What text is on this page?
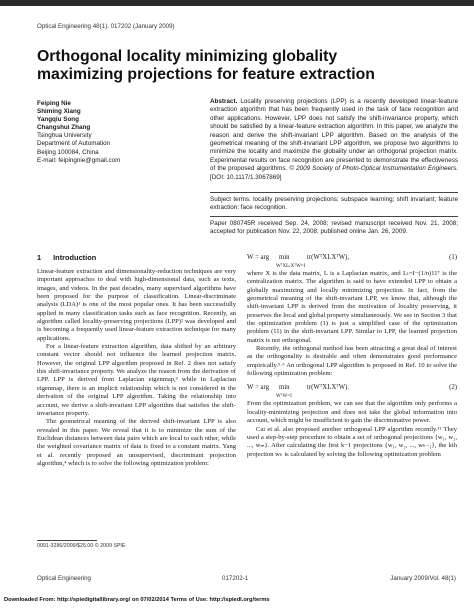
Optical Engineering 48(1), 017202 (January 2009)
Orthogonal locality minimizing globality
maximizing projections for feature extraction
Feiping Nie
Shiming Xiang
Yangqiu Song
Changshui Zhang
Tsinghua University
Department of Automation
Beijing 100084, China
E-mail: feipingnie@gmail.com
Abstract. Locality preserving projections (LPP) is a recently developed linear-feature extraction algorithm that has been frequently used in the task of face recognition and other applications. However, LPP does not satisfy the shift-invariance property, which should be satisfied by a linear-feature extraction algorithm. In this paper, we analyze the reason and derive the shift-invariant LPP algorithm. Based on the analysis of the geometrical meaning of the shift-invariant LPP algorithm, we propose two algorithms to minimize the locality and maximize the globality under an orthogonal projection matrix. Experimental results on face recognition are presented to demonstrate the effectiveness of the proposed algorithms. © 2009 Society of Photo-Optical Instrumentation Engineers. [DOI: 10.1117/1.3067869]
Subject terms: locality preserving projections; subspace learning; shift invariant; feature extraction; face recognition.
Paper 080745R received Sep. 24, 2008; revised manuscript received Nov. 21, 2008; accepted for publication Nov. 22, 2008; published online Jan. 26, 2009.
1 Introduction

Linear-feature extraction and dimensionality-reduction techniques are very important approaches to deal with high-dimensional data, such as texts, images, and videos. In the past decades, many supervised algorithms have been proposed for the purpose of classification. Linear-discriminate analysis (LDA)¹ is one of the most popular ones. It has been successfully applied in many classification tasks such as face recognition. Recently, an algorithm called locality-preserving projections (LPP)² was developed and is becoming a frequently used linear-feature extraction technique for many applications.

For a linear-feature extraction algorithm, data shifted by an arbitrary constant vector should not influence the learned projection matrix. However, the original LPP algorithm proposed in Ref. 2 does not satisfy this shift-invariance property. We analyze the reason from the derivation of LPP. LPP is derived from Laplacian eigenmap,³ while in Laplacian eigenmap, there is an implicit relationship which is not considered in the derivation of the original LPP algorithm. Taking the relationship into account, we derive a shift-invariant LPP algorithm that satisfies the shift-invariance property.

The geometrical meaning of the derived shift-invariant LPP is also revealed in this paper. We reveal that it is to minimize the sum of the Euclidean distances between data pairs which are local to each other, while the weighted covariance matrix of data is fixed to a constant matrix. Yang et al. recently proposed an unsupervised, discriminant projection algorithm,⁴ which is to solve the following optimization problem:

W = arg min
WᵀXLₜXᵀW=I
tr(WᵀXLXᵀW),	(1)

where X is the data matrix, L is a Laplacian matrix, and Lₜ=I−(1/n)11ᵀ is the centralization matrix. The algorithm is said to have extended LPP to obtain a globally maximizing and locally minimizing projection. In fact, from the geometrical meaning of the shift-invariant LPP, we know that, although the shift-invariant LPP is derived from the motivation of locality preserving, it preserves the local and global property simultaneously. We see in Section 3 that the optimization problem (1) is just a simplified case of the optimization problem (11) in the shift-invariant LPP. Similar to LPP, the learned projection matrix is not orthogonal.

Recently, the orthogonal method has been attracting a great deal of interest as the orthogonality is desirable and often demonstrates good performance empirically.⁵·⁶ An orthogonal LPP algorithm is proposed in Ref. 10 to solve the following optimization problem:

W = arg min
WᵀW=I
tr(WᵀXLXᵀW).	(2)

From the optimization problem, we can see that the algorithm only performs a locality-minimizing projection and does not take the global information into account, which might be insufficient to gain the discriminative power.

Cai et al. also proposed another orthogonal LPP algorithm recently.¹¹ They used a step-by-step procedure to obtain a set of orthogonal projections {w₁, w₂, ..., wₘ}. After calculating the first k−1 projections {w₁, w₂, ..., wₖ₋₁}, the kth projection wₖ is calculated by solving the following optimization problem

0091-3286/2009/$25.00 © 2009 SPIE
Optical Engineering	017202-1	January 2009/Vol. 48(1)
Downloaded From: http://spiedigitallibrary.org/ on 07/02/2014 Terms of Use: http://spiedl.org/terms
